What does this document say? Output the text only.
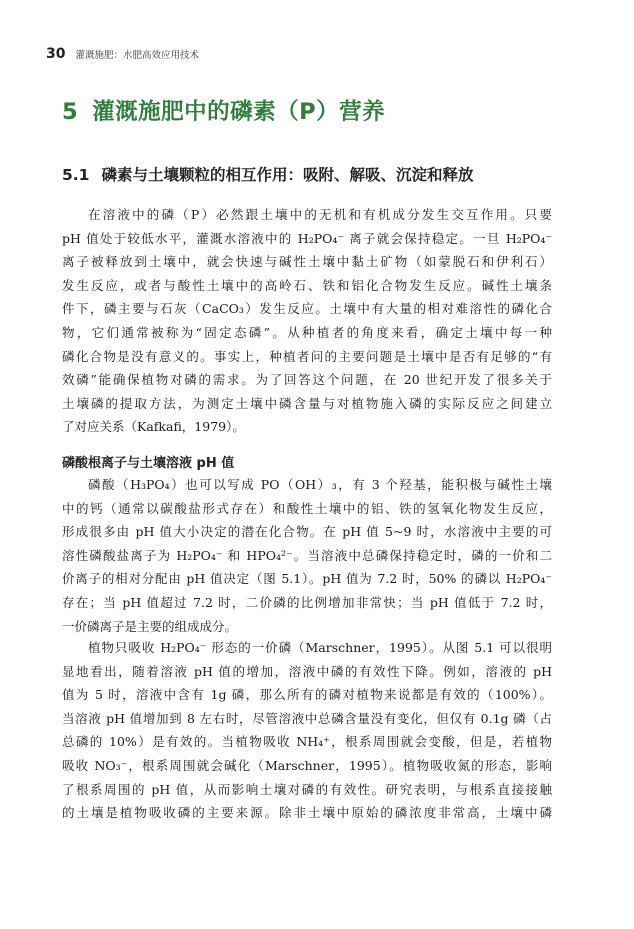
30 灌溉施肥：水肥高效应用技术
5 灌溉施肥中的磷素（P）营养
5.1 磷素与土壤颗粒的相互作用：吸附、解吸、沉淀和释放
在溶液中的磷（P）必然跟土壤中的无机和有机成分发生交互作用。只要
pH 值处于较低水平，灌溉水溶液中的 H₂PO₄⁻ 离子就会保持稳定。一旦 H₂PO₄⁻
离子被释放到土壤中，就会快速与碱性土壤中黏土矿物（如蒙脱石和伊利石）
发生反应，或者与酸性土壤中的高岭石、铁和铝化合物发生反应。碱性土壤条
件下，磷主要与石灰（CaCO₃）发生反应。土壤中有大量的相对难溶性的磷化合
物，它们通常被称为“固定态磷”。从种植者的角度来看，确定土壤中每一种
磷化合物是没有意义的。事实上，种植者问的主要问题是土壤中是否有足够的“有
效磷”能确保植物对磷的需求。为了回答这个问题，在 20 世纪开发了很多关于
土壤磷的提取方法，为测定土壤中磷含量与对植物施入磷的实际反应之间建立
了对应关系（Kafkafi，1979）。
磷酸根离子与土壤溶液 pH 值
磷酸（H₃PO₄）也可以写成 PO（OH）₃，有 3 个羟基，能积极与碱性土壤
中的钙（通常以碳酸盐形式存在）和酸性土壤中的铝、铁的氢氧化物发生反应，
形成很多由 pH 值大小决定的潜在化合物。在 pH 值 5~9 时，水溶液中主要的可
溶性磷酸盐离子为 H₂PO₄⁻ 和 HPO₄²⁻。当溶液中总磷保持稳定时，磷的一价和二
价离子的相对分配由 pH 值决定（图 5.1）。pH 值为 7.2 时，50% 的磷以 H₂PO₄⁻
存在；当 pH 值超过 7.2 时，二价磷的比例增加非常快；当 pH 值低于 7.2 时，
一价磷离子是主要的组成成分。
植物只吸收 H₂PO₄⁻ 形态的一价磷（Marschner，1995）。从图 5.1 可以很明
显地看出，随着溶液 pH 值的增加，溶液中磷的有效性下降。例如，溶液的 pH
值为 5 时，溶液中含有 1g 磷，那么所有的磷对植物来说都是有效的（100%）。
当溶液 pH 值增加到 8 左右时，尽管溶液中总磷含量没有变化，但仅有 0.1g 磷（占
总磷的 10%）是有效的。当植物吸收 NH₄⁺，根系周围就会变酸，但是，若植物
吸收 NO₃⁻，根系周围就会碱化（Marschner，1995）。植物吸收氮的形态，影响
了根系周围的 pH 值，从而影响土壤对磷的有效性。研究表明，与根系直接接触
的土壤是植物吸收磷的主要来源。除非土壤中原始的磷浓度非常高，土壤中磷
